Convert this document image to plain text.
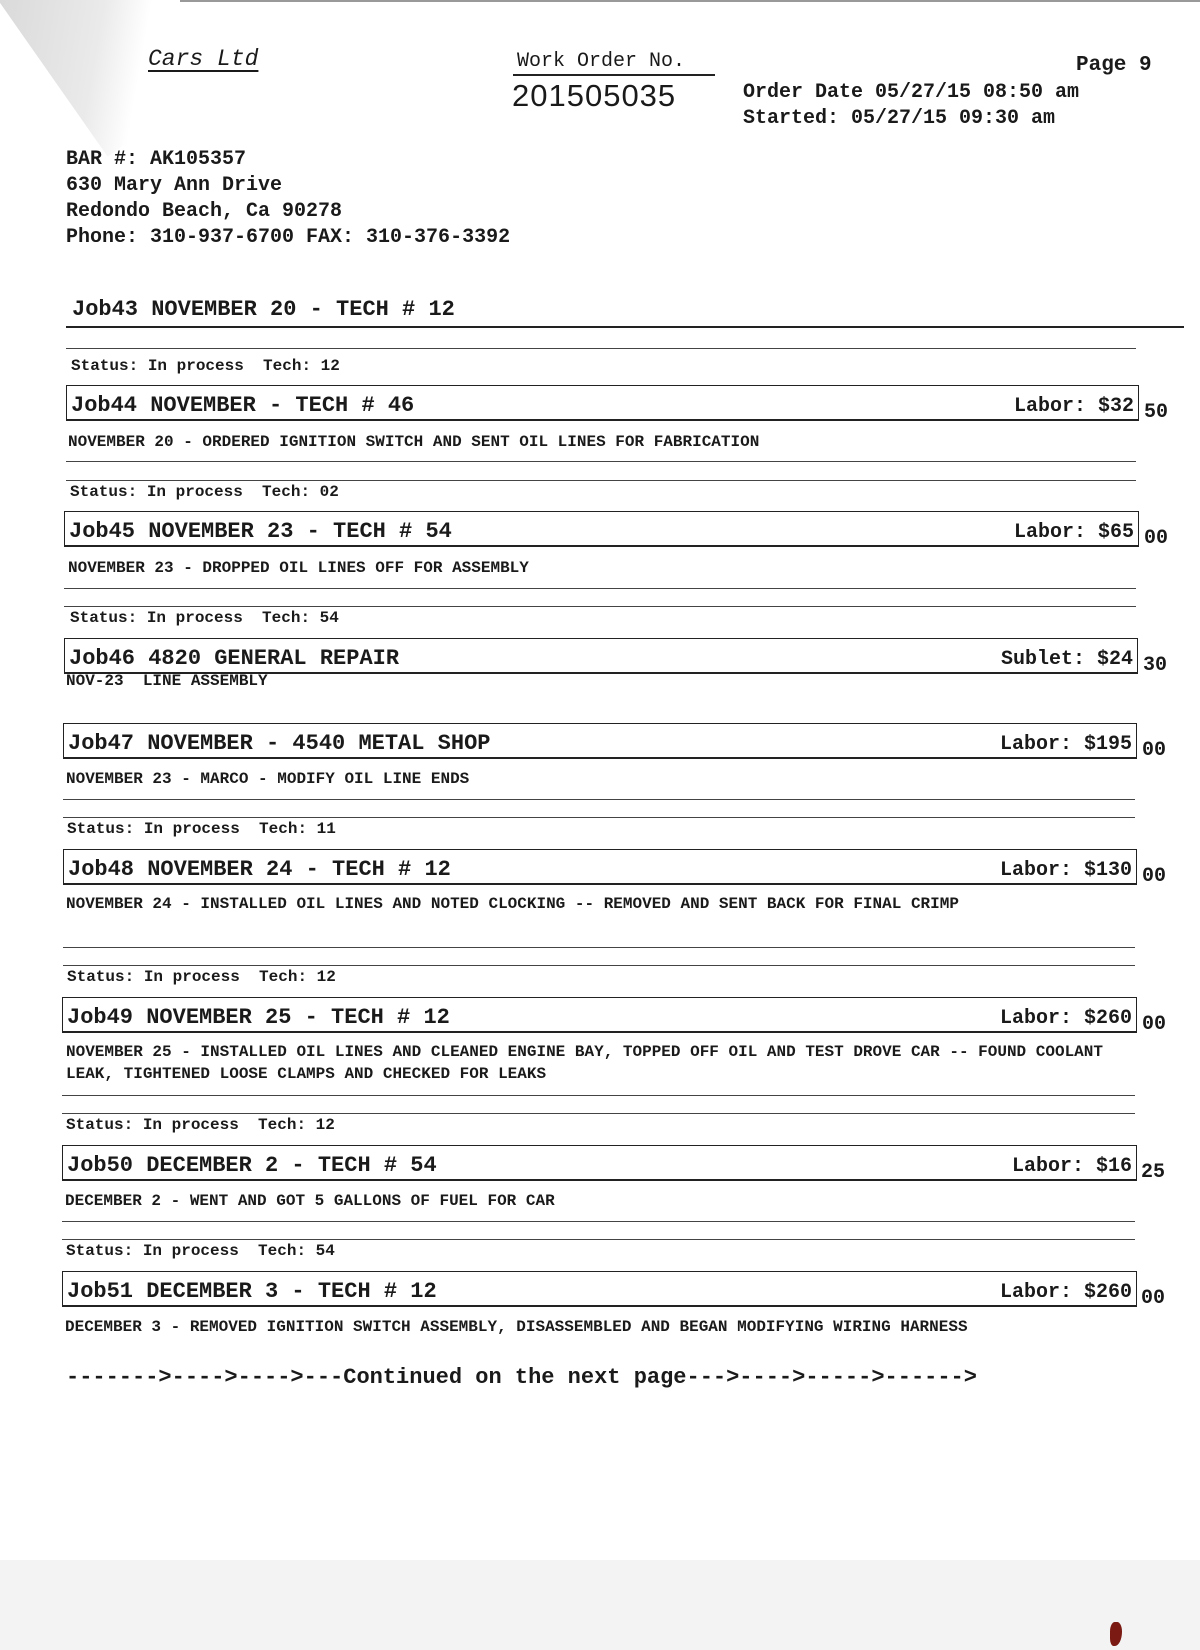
Cars Ltd	Work Order No.
201505035
Page 9
Order Date 05/27/15 08:50 am
Started: 05/27/15 09:30 am
BAR #: AK105357
630 Mary Ann Drive
Redondo Beach, Ca 90278
Phone: 310-937-6700 FAX: 310-376-3392
Job43 NOVEMBER 20 - TECH # 12
Status: In process  Tech: 12
Job44 NOVEMBER - TECH # 46	Labor: $32 50
NOVEMBER 20 - ORDERED IGNITION SWITCH AND SENT OIL LINES FOR FABRICATION
Status: In process  Tech: 02
Job45 NOVEMBER 23 - TECH # 54	Labor: $65 00
NOVEMBER 23 - DROPPED OIL LINES OFF FOR ASSEMBLY
Status: In process  Tech: 54
Job46 4820 GENERAL REPAIR	Sublet: $24 30
NOV-23  LINE ASSEMBLY
Job47 NOVEMBER - 4540 METAL SHOP	Labor: $195 00
NOVEMBER 23 - MARCO - MODIFY OIL LINE ENDS
Status: In process  Tech: 11
Job48 NOVEMBER 24 - TECH # 12	Labor: $130 00
NOVEMBER 24 - INSTALLED OIL LINES AND NOTED CLOCKING -- REMOVED AND SENT BACK FOR FINAL CRIMP
Status: In process  Tech: 12
Job49 NOVEMBER 25 - TECH # 12	Labor: $260 00
NOVEMBER 25 - INSTALLED OIL LINES AND CLEANED ENGINE BAY, TOPPED OFF OIL AND TEST DROVE CAR -- FOUND COOLANT LEAK, TIGHTENED LOOSE CLAMPS AND CHECKED FOR LEAKS
Status: In process  Tech: 12
Job50 DECEMBER 2 - TECH # 54	Labor: $16 25
DECEMBER 2 - WENT AND GOT 5 GALLONS OF FUEL FOR CAR
Status: In process  Tech: 54
Job51 DECEMBER 3 - TECH # 12	Labor: $260 00
DECEMBER 3 - REMOVED IGNITION SWITCH ASSEMBLY, DISASSEMBLED AND BEGAN MODIFYING WIRING HARNESS
------->---->---->---Continued on the next page--->---->----->------>
